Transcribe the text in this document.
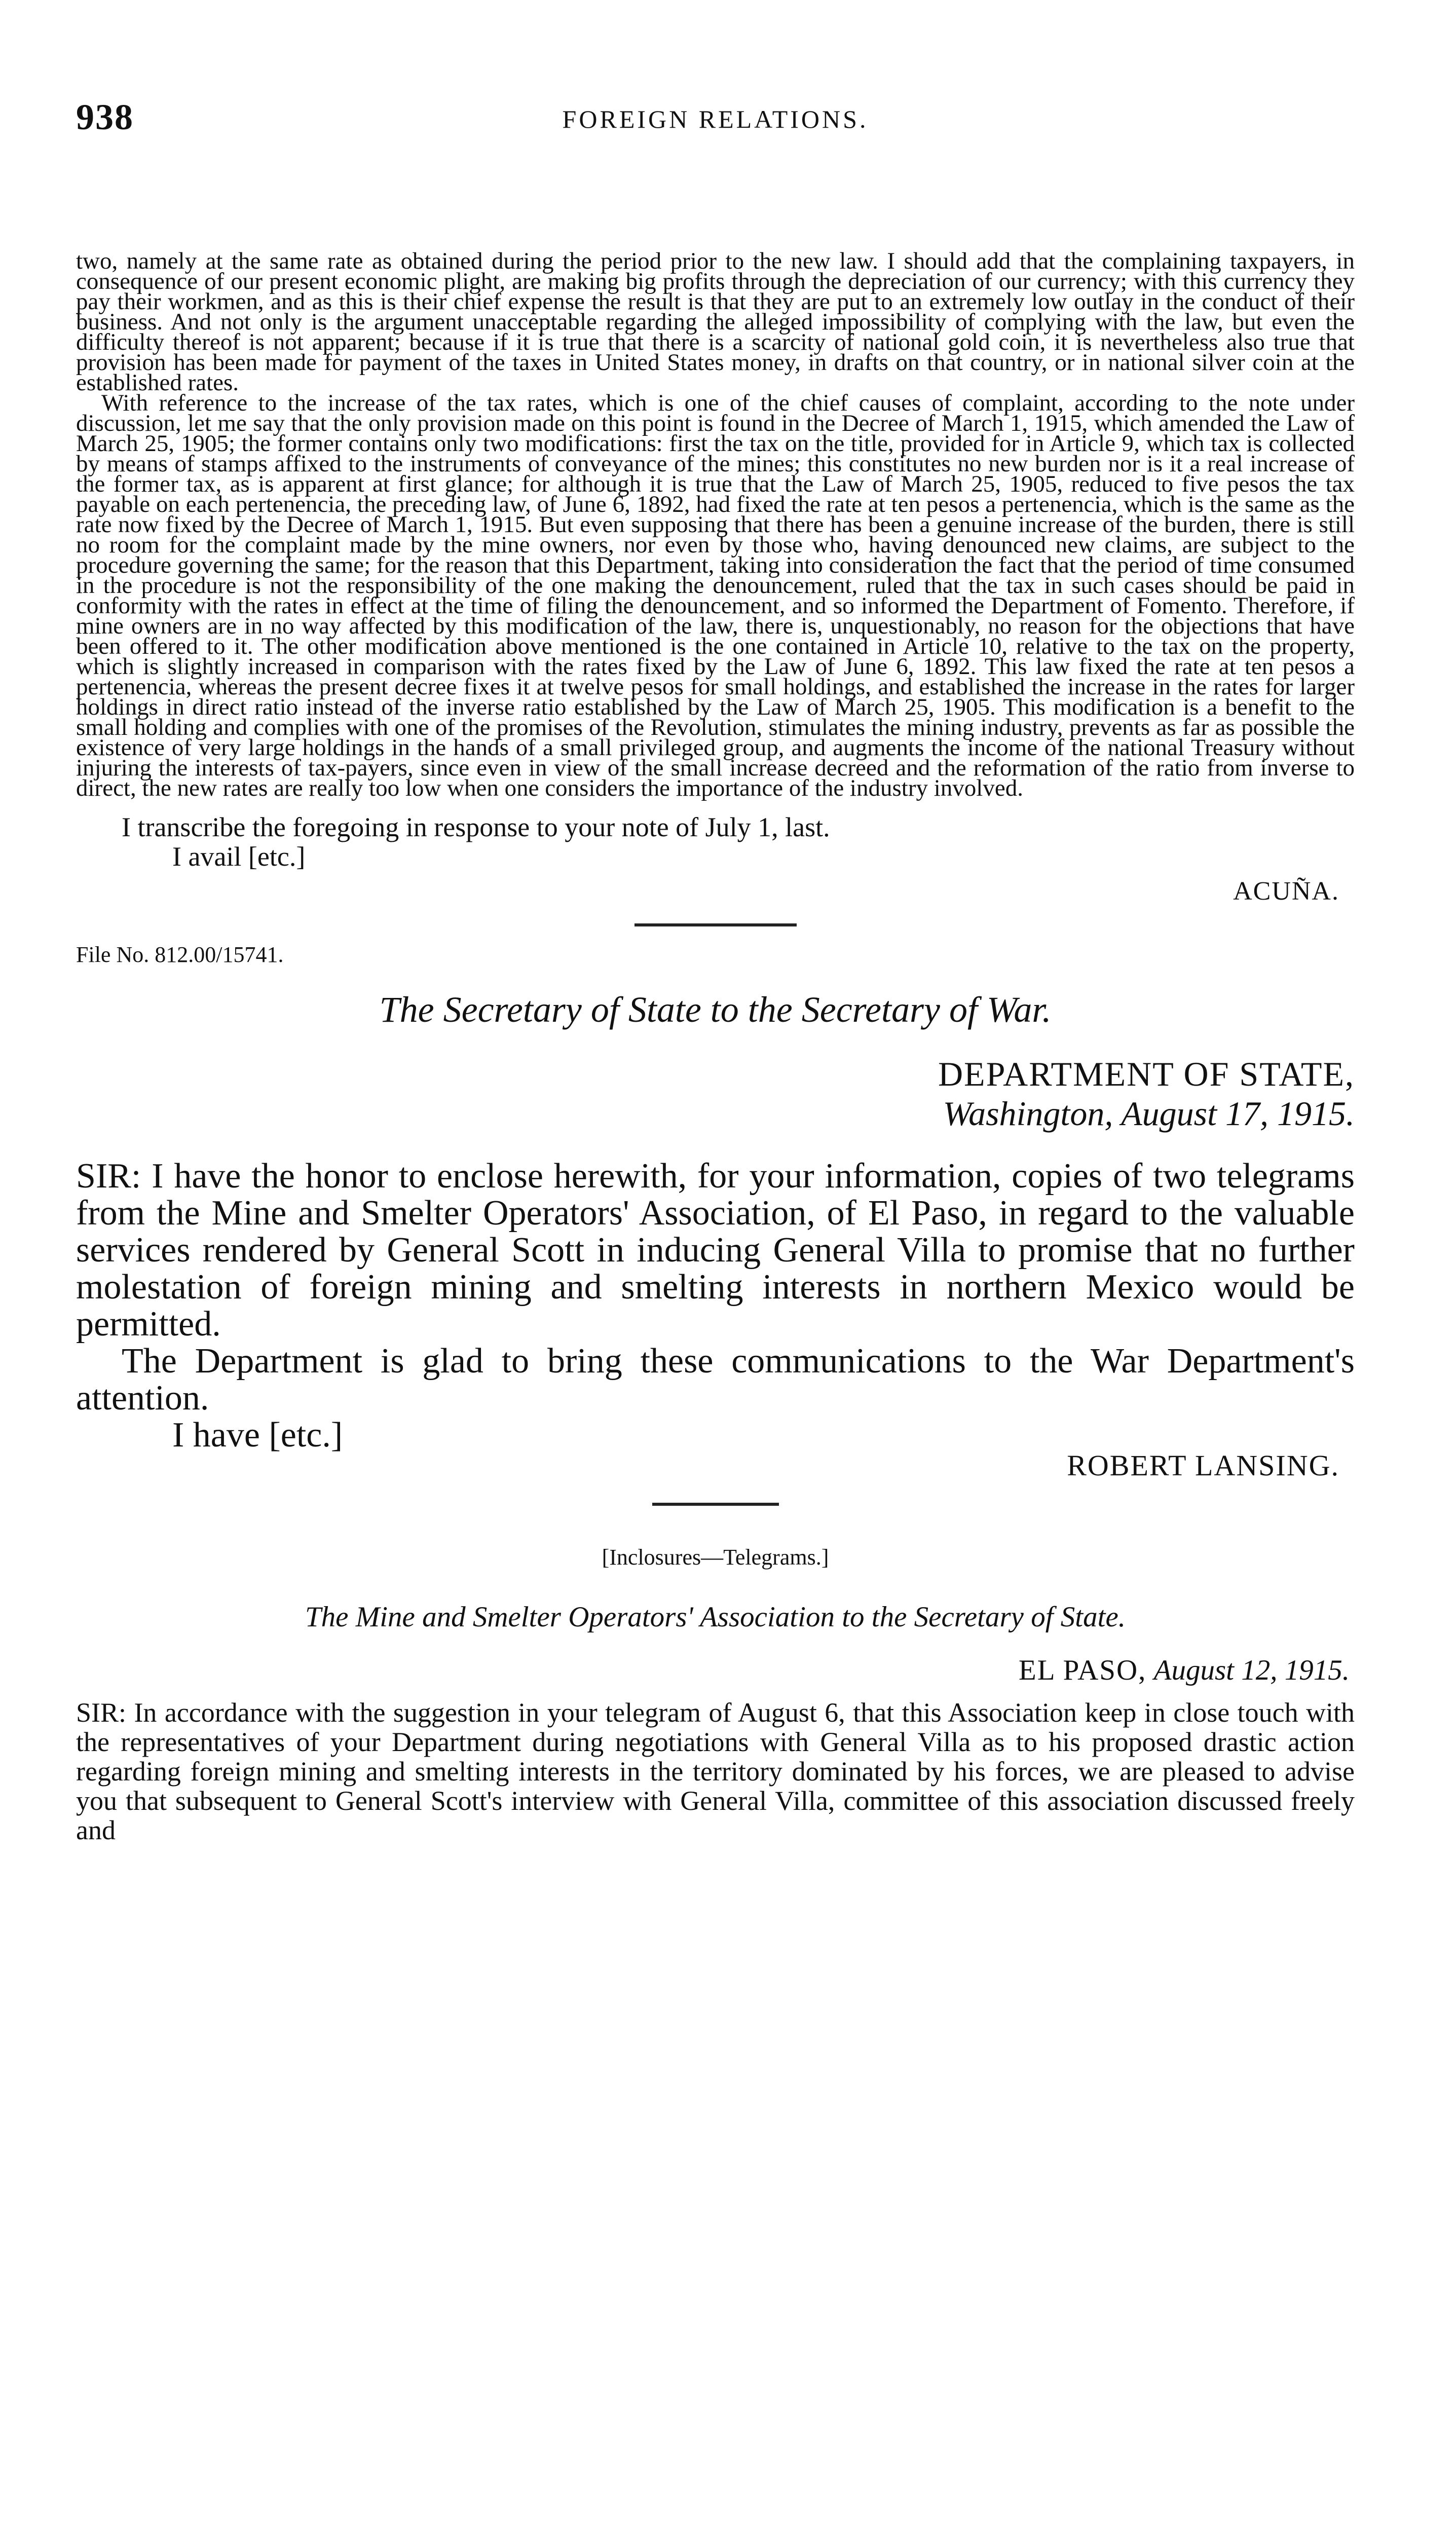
938	FOREIGN RELATIONS.

two, namely at the same rate as obtained during the period prior to the new law. I should add that the complaining taxpayers, in consequence of our present economic plight, are making big profits through the depreciation of our currency; with this currency they pay their workmen, and as this is their chief expense the result is that they are put to an extremely low outlay in the conduct of their business. And not only is the argument unacceptable regarding the alleged impossibility of complying with the law, but even the difficulty thereof is not apparent; because if it is true that there is a scarcity of national gold coin, it is nevertheless also true that provision has been made for payment of the taxes in United States money, in drafts on that country, or in national silver coin at the established rates.

With reference to the increase of the tax rates, which is one of the chief causes of complaint, according to the note under discussion, let me say that the only provision made on this point is found in the Decree of March 1, 1915, which amended the Law of March 25, 1905; the former contains only two modifications: first the tax on the title, provided for in Article 9, which tax is collected by means of stamps affixed to the instruments of conveyance of the mines; this constitutes no new burden nor is it a real increase of the former tax, as is apparent at first glance; for although it is true that the Law of March 25, 1905, reduced to five pesos the tax payable on each pertenencia, the preceding law, of June 6, 1892, had fixed the rate at ten pesos a pertenencia, which is the same as the rate now fixed by the Decree of March 1, 1915. But even supposing that there has been a genuine increase of the burden, there is still no room for the complaint made by the mine owners, nor even by those who, having denounced new claims, are subject to the procedure governing the same; for the reason that this Department, taking into consideration the fact that the period of time consumed in the procedure is not the responsibility of the one making the denouncement, ruled that the tax in such cases should be paid in conformity with the rates in effect at the time of filing the denouncement, and so informed the Department of Fomento. Therefore, if mine owners are in no way affected by this modification of the law, there is, unquestionably, no reason for the objections that have been offered to it. The other modification above mentioned is the one contained in Article 10, relative to the tax on the property, which is slightly increased in comparison with the rates fixed by the Law of June 6, 1892. This law fixed the rate at ten pesos a pertenencia, whereas the present decree fixes it at twelve pesos for small holdings, and established the increase in the rates for larger holdings in direct ratio instead of the inverse ratio established by the Law of March 25, 1905. This modification is a benefit to the small holding and complies with one of the promises of the Revolution, stimulates the mining industry, prevents as far as possible the existence of very large holdings in the hands of a small privileged group, and augments the income of the national Treasury without injuring the interests of tax-payers, since even in view of the small increase decreed and the reformation of the ratio from inverse to direct, the new rates are really too low when one considers the importance of the industry involved.

I transcribe the foregoing in response to your note of July 1, last.

I avail [etc.]

ACUÑA.

File No. 812.00/15741.

The Secretary of State to the Secretary of War.

DEPARTMENT OF STATE,

Washington, August 17, 1915.

SIR: I have the honor to enclose herewith, for your information, copies of two telegrams from the Mine and Smelter Operators' Association, of El Paso, in regard to the valuable services rendered by General Scott in inducing General Villa to promise that no further molestation of foreign mining and smelting interests in northern Mexico would be permitted.

The Department is glad to bring these communications to the War Department's attention.

I have [etc.]

ROBERT LANSING.

[Inclosures—Telegrams.]

The Mine and Smelter Operators' Association to the Secretary of State.

EL PASO, August 12, 1915.

SIR: In accordance with the suggestion in your telegram of August 6, that this Association keep in close touch with the representatives of your Department during negotiations with General Villa as to his proposed drastic action regarding foreign mining and smelting interests in the territory dominated by his forces, we are pleased to advise you that subsequent to General Scott's interview with General Villa, committee of this association discussed freely and
